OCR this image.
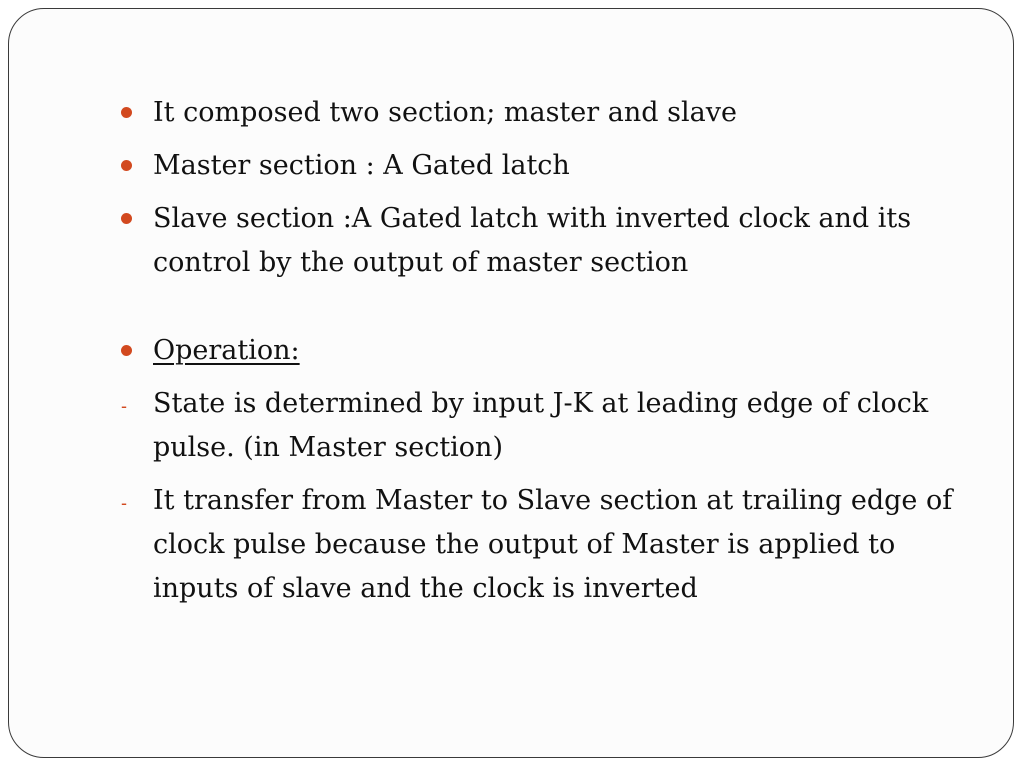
It composed two section; master and slave
Master section : A Gated latch
Slave section :A Gated latch with inverted clock and its control by the output of master section
Operation:
- State is determined by input J-K at leading edge of clock pulse. (in Master section)
- It transfer from Master to Slave section at trailing edge of clock pulse because the output of Master is applied to inputs of slave and the clock is inverted
